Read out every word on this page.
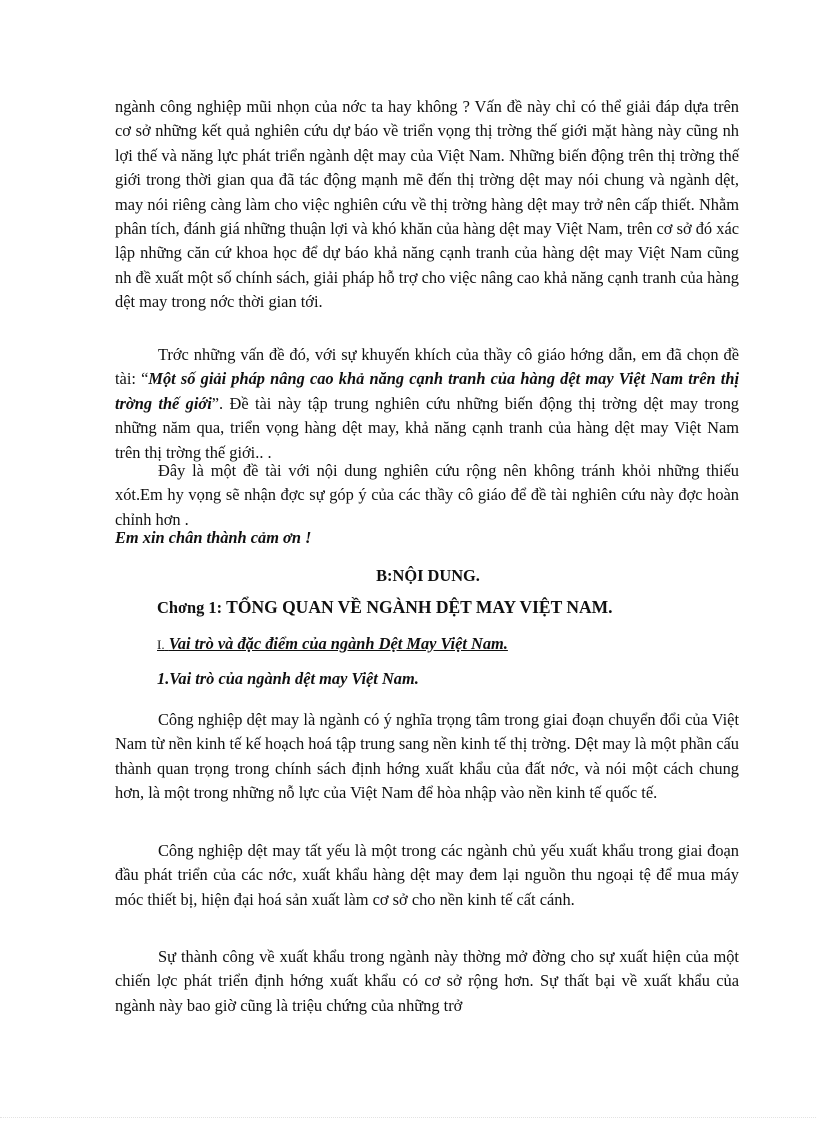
ngành công nghiệp mũi nhọn của nớc ta hay không ? Vấn đề này chỉ có thể giải đáp dựa trên cơ sở những kết quả nghiên cứu dự báo về triển vọng thị trờng thế giới mặt hàng này cũng nh lợi thế và năng lực phát triển ngành dệt may của Việt Nam. Những biến động trên thị trờng thế giới trong thời gian qua đã tác động mạnh mẽ đến thị trờng dệt may nói chung và ngành dệt, may nói riêng càng làm cho việc nghiên cứu về thị trờng hàng dệt may trở nên cấp thiết. Nhằm phân tích, đánh giá những thuận lợi và khó khăn của hàng dệt may Việt Nam, trên cơ sở đó xác lập những căn cứ khoa học để dự báo khả năng cạnh tranh của hàng dệt may Việt Nam cũng nh đề xuất một số chính sách, giải pháp hỗ trợ cho việc nâng cao khả năng cạnh tranh của hàng dệt may trong nớc thời gian tới.

Trớc những vấn đề đó, với sự khuyến khích của thầy cô giáo hớng dẫn, em đã chọn đề tài: “Một số giải pháp nâng cao khả năng cạnh tranh của hàng dệt may Việt Nam trên thị trờng thế giới”. Đề tài này tập trung nghiên cứu những biến động thị trờng dệt may trong những năm qua, triển vọng hàng dệt may, khả năng cạnh tranh của hàng dệt may Việt Nam trên thị trờng thế giới.. .

Đây là một đề tài với nội dung nghiên cứu rộng nên không tránh khỏi những thiếu xót.Em hy vọng sẽ nhận đợc sự góp ý của các thầy cô giáo để đề tài nghiên cứu này đợc hoàn chỉnh hơn .

Em xin chân thành cảm ơn !

B:NỘI DUNG.

Chơng 1: TỔNG QUAN VỀ NGÀNH DỆT MAY VIỆT NAM.

I. Vai trò và đặc điểm của ngành Dệt May Việt Nam.

1.Vai trò của ngành dệt may Việt Nam.

Công nghiệp dệt may là ngành có ý nghĩa trọng tâm trong giai đoạn chuyển đổi của Việt Nam từ nền kinh tế kế hoạch hoá tập trung sang nền kinh tế thị trờng. Dệt may là một phần cấu thành quan trọng trong chính sách định hớng xuất khẩu của đất nớc, và nói một cách chung hơn, là một trong những nỗ lực của Việt Nam để hòa nhập vào nền kinh tế quốc tế.

Công nghiệp dệt may tất yếu là một trong các ngành chủ yếu xuất khẩu trong giai đoạn đầu phát triển của các nớc, xuất khẩu hàng dệt may đem lại nguồn thu ngoại tệ để mua máy móc thiết bị, hiện đại hoá sản xuất làm cơ sở cho nền kinh tế cất cánh.

Sự thành công về xuất khẩu trong ngành này thờng mở đờng cho sự xuất hiện của một chiến lợc phát triển định hớng xuất khẩu có cơ sở rộng hơn. Sự thất bại về xuất khẩu của ngành này bao giờ cũng là triệu chứng của những trở
